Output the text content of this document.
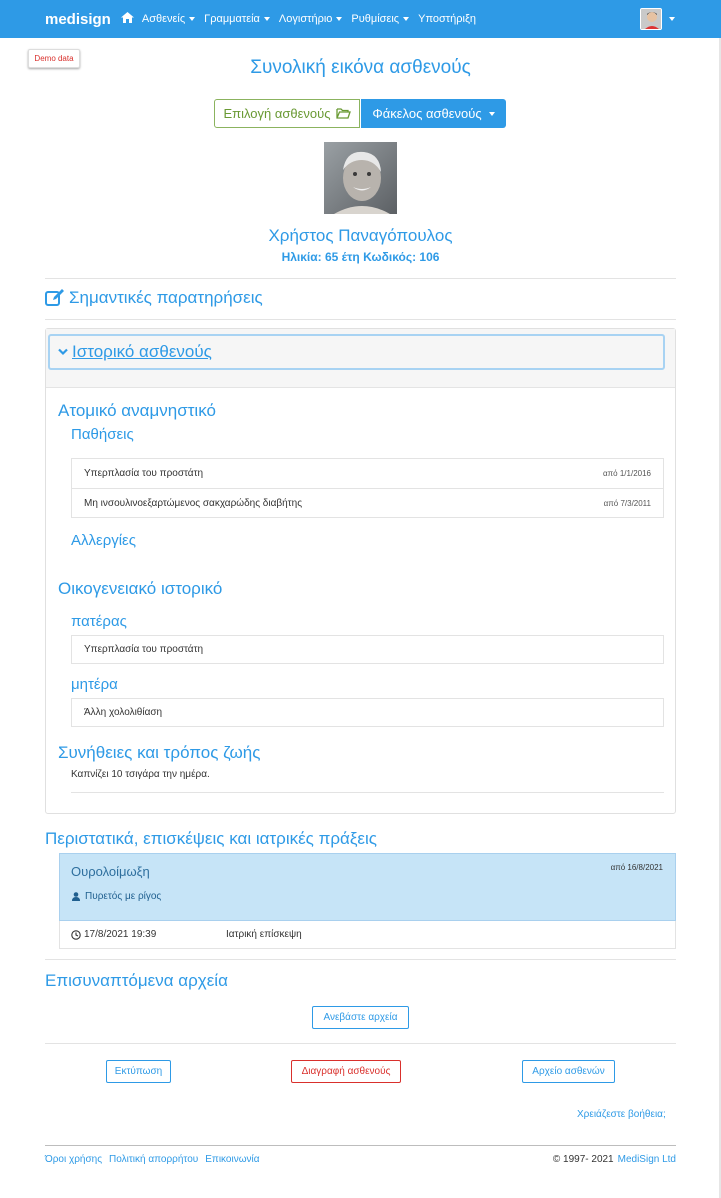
medisign	Ασθενείς Γραμματεία Λογιστήριο Ρυθμίσεις Υποστήριξη
Demo data	Συνολική εικόνα ασθενούς
Επιλογή ασθενούς	Φάκελος ασθενούς
Χρήστος Παναγόπουλος
Ηλικία: 65 έτη Κωδικός: 106
Σημαντικές παρατηρήσεις
Ιστορικό ασθενούς
Ατομικό αναμνηστικό
Παθήσεις
Υπερπλασία του προστάτη	από 1/1/2016
Μη ινσουλινοεξαρτώμενος σακχαρώδης διαβήτης	από 7/3/2011
Αλλεργίες
Οικογενειακό ιστορικό
πατέρας
Υπερπλασία του προστάτη
μητέρα
Άλλη χολολιθίαση
Συνήθειες και τρόπος ζωής
Καπνίζει 10 τσιγάρα την ημέρα.
Περιστατικά, επισκέψεις και ιατρικές πράξεις
Ουρολοίμωξη	από 16/8/2021
Πυρετός με ρίγος
17/8/2021 19:39	Ιατρική επίσκεψη
Επισυναπτόμενα αρχεία
Ανεβάστε αρχεία
Εκτύπωση	Διαγραφή ασθενούς	Αρχείο ασθενών
Χρειάζεστε βοήθεια;
Όροι χρήσης Πολιτική απορρήτου Επικοινωνία	© 1997- 2021 MediSign Ltd
